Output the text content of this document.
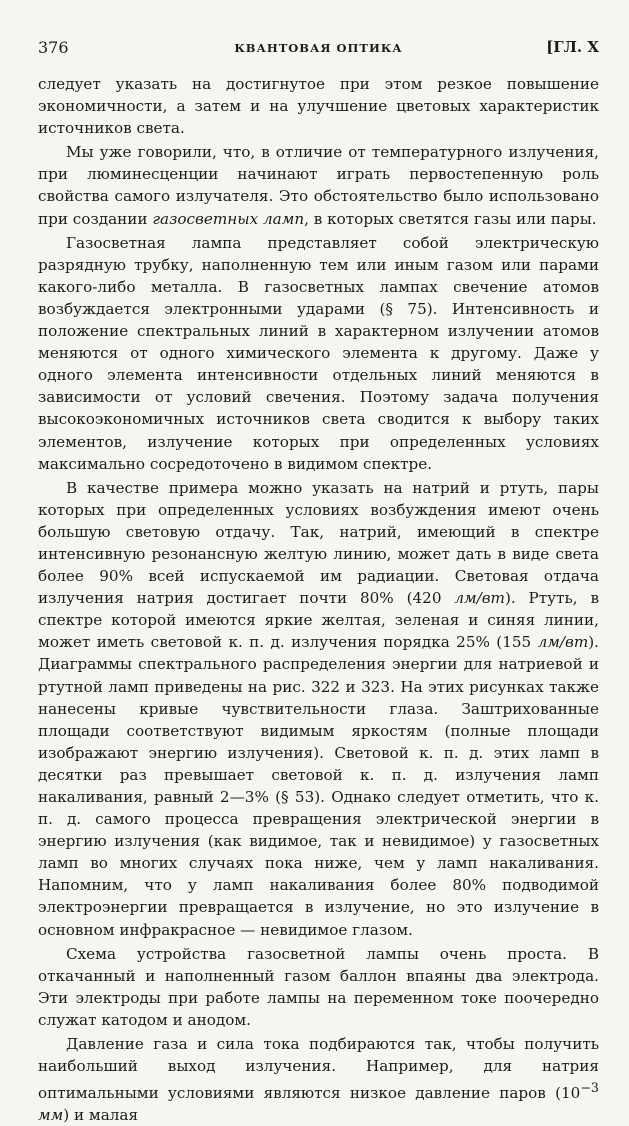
376	КВАНТОВАЯ ОПТИКА	[ГЛ. X

следует указать на достигнутое при этом резкое повышение экономичности, а затем и на улучшение цветовых характеристик источников света.

Мы уже говорили, что, в отличие от температурного излучения, при люминесценции начинают играть первостепенную роль свойства самого излучателя. Это обстоятельство было использовано при создании газосветных ламп, в которых светятся газы или пары.

Газосветная лампа представляет собой электрическую разрядную трубку, наполненную тем или иным газом или парами какого-либо металла. В газосветных лампах свечение атомов возбуждается электронными ударами (§ 75). Интенсивность и положение спектральных линий в характерном излучении атомов меняются от одного химического элемента к другому. Даже у одного элемента интенсивности отдельных линий меняются в зависимости от условий свечения. Поэтому задача получения высокоэкономичных источников света сводится к выбору таких элементов, излучение которых при определенных условиях максимально сосредоточено в видимом спектре.

В качестве примера можно указать на натрий и ртуть, пары которых при определенных условиях возбуждения имеют очень большую световую отдачу. Так, натрий, имеющий в спектре интенсивную резонансную желтую линию, может дать в виде света более 90% всей испускаемой им радиации. Световая отдача излучения натрия достигает почти 80% (420 лм/вт). Ртуть, в спектре которой имеются яркие желтая, зеленая и синяя линии, может иметь световой к. п. д. излучения порядка 25% (155 лм/вт). Диаграммы спектрального распределения энергии для натриевой и ртутной ламп приведены на рис. 322 и 323. На этих рисунках также нанесены кривые чувствительности глаза. Заштрихованные площади соответствуют видимым яркостям (полные площади изображают энергию излучения). Световой к. п. д. этих ламп в десятки раз превышает световой к. п. д. излучения ламп накаливания, равный 2—3% (§ 53). Однако следует отметить, что к. п. д. самого процесса превращения электрической энергии в энергию излучения (как видимое, так и невидимое) у газосветных ламп во многих случаях пока ниже, чем у ламп накаливания. Напомним, что у ламп накаливания более 80% подводимой электроэнергии превращается в излучение, но это излучение в основном инфракрасное — невидимое глазом.

Схема устройства газосветной лампы очень проста. В откачанный и наполненный газом баллон впаяны два электрода. Эти электроды при работе лампы на переменном токе поочередно служат катодом и анодом.

Давление газа и сила тока подбираются так, чтобы получить наибольший выход излучения. Например, для натрия оптимальными условиями являются низкое давление паров ($10^{-3}$ мм) и малая
